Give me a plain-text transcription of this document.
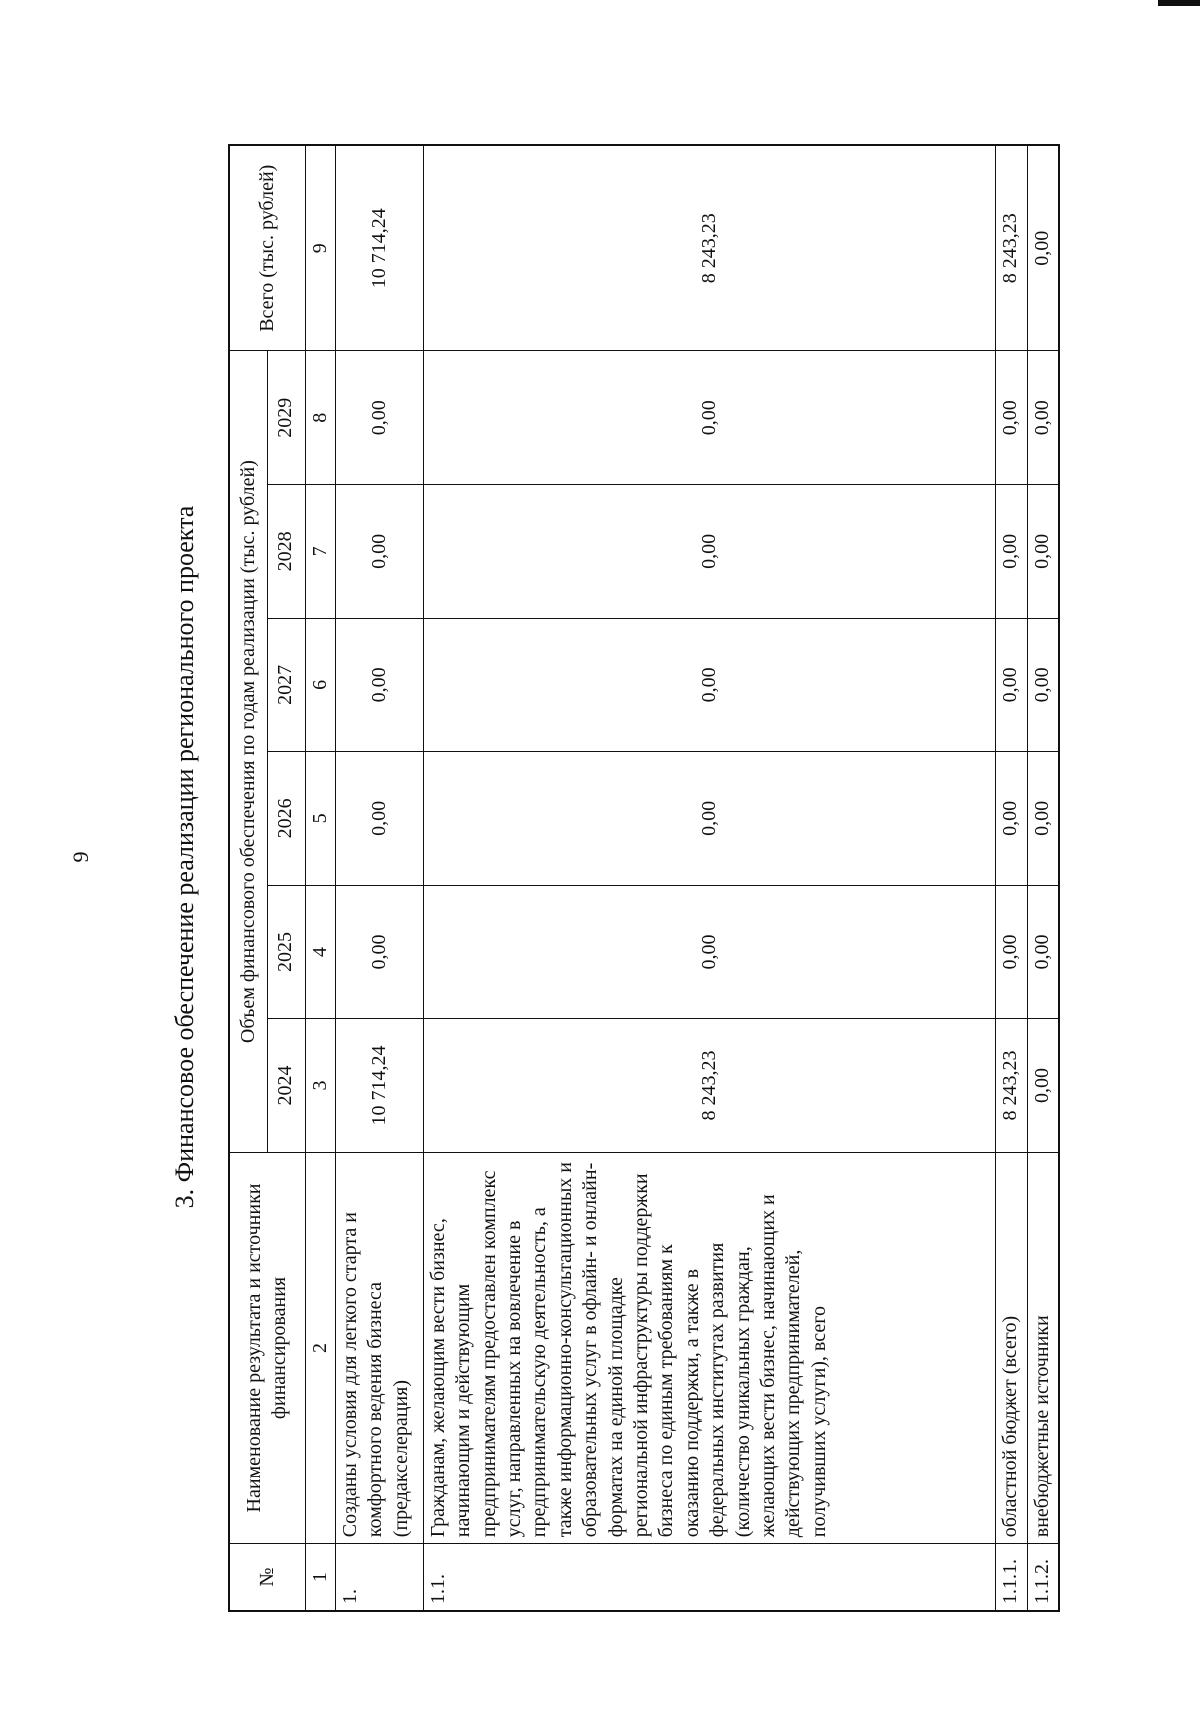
9	3. Финансовое обеспечение реализации регионального проекта
№	Наименование результата и источники финансирования	Объем финансового обеспечения по годам реализации (тыс. рублей)						Всего (тыс. рублей)
		2024	2025	2026	2027	2028	2029	
1	2	3	4	5	6	7	8	9
1.	Созданы условия для легкого старта и комфортного ведения бизнеса (предакселерация)	10 714,24	0,00	0,00	0,00	0,00	0,00	10 714,24
1.1.	Гражданам, желающим вести бизнес, начинающим и действующим предпринимателям предоставлен комплекс услуг, направленных на вовлечение в предпринимательскую деятельность, а также информационно-консультационных и образовательных услуг в офлайн- и онлайн-форматах на единой площадке региональной инфраструктуры поддержки бизнеса по единым требованиям к оказанию поддержки, а также в федеральных институтах развития (количество уникальных граждан, желающих вести бизнес, начинающих и действующих предпринимателей, получивших услуги), всего	8 243,23	0,00	0,00	0,00	0,00	0,00	8 243,23
1.1.1.	областной бюджет (всего)	8 243,23	0,00	0,00	0,00	0,00	0,00	8 243,23
1.1.2.	внебюджетные источники	0,00	0,00	0,00	0,00	0,00	0,00	0,00
